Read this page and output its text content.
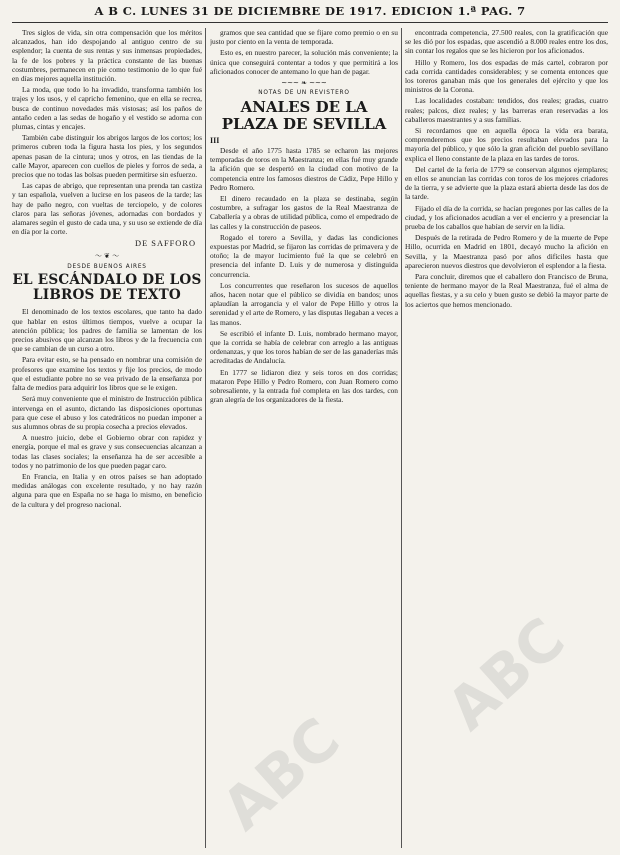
A B C. LUNES 31 DE DICIEMBRE DE 1917. EDICION 1.ª PAG. 7

Tres siglos de vida, sin otra compensación que los méritos alcanzados, han ido despojando al antiguo centro de su esplendor; la cuenta de sus rentas y sus inmensas propiedades, la fe de los pobres y la práctica constante de las buenas costumbres, permanecen en pie como testimonio de lo que fué en días mejores aquella institución.

La moda, que todo lo ha invadido, transforma también los trajes y los usos, y el capricho femenino, que en ella se recrea, busca de continuo novedades más vistosas; así los paños de antaño ceden a las sedas de hogaño y el vestido se adorna con plumas, cintas y encajes.

También cabe distinguir los abrigos largos de los cortos; los primeros cubren toda la figura hasta los pies, y los segundos apenas pasan de la cintura; unos y otros, en las tiendas de la calle Mayor, aparecen con cuellos de pieles y forros de seda, a precios que no todas las bolsas pueden permitirse sin esfuerzo.

Las capas de abrigo, que representan una prenda tan castiza y tan española, vuelven a lucirse en los paseos de la tarde; las hay de paño negro, con vueltas de terciopelo, y de colores claros para las señoras jóvenes, adornadas con bordados y alamares según el gusto de cada una, y su uso se extiende de día en día por la corte.

DE SAFFORO
～ ❦ ～
DESDE BUENOS AIRES
EL ESCÁNDALO DE LOS LIBROS DE TEXTO

El denominado de los textos escolares, que tanto ha dado que hablar en estos últimos tiempos, vuelve a ocupar la atención pública; los padres de familia se lamentan de los precios abusivos que alcanzan los libros y de la frecuencia con que se cambian de un curso a otro.

Para evitar esto, se ha pensado en nombrar una comisión de profesores que examine los textos y fije los precios, de modo que el estudiante pobre no se vea privado de la enseñanza por falta de medios para adquirir los libros que se le exigen.

Será muy conveniente que el ministro de Instrucción pública intervenga en el asunto, dictando las disposiciones oportunas para que cese el abuso y los catedráticos no puedan imponer a sus alumnos obras de su propia cosecha a precios elevados.

A nuestro juicio, debe el Gobierno obrar con rapidez y energía, porque el mal es grave y sus consecuencias alcanzan a todas las clases sociales; la enseñanza ha de ser accesible a todos y no patrimonio de los que pueden pagar caro.

En Francia, en Italia y en otros países se han adoptado medidas análogas con excelente resultado, y no hay razón alguna para que en España no se haga lo mismo, en beneficio de la cultura y del progreso nacional.

gramos que sea cantidad que se fijare como premio o en su justo por ciento en la venta de temporada.

Esto es, en nuestro parecer, la solución más conveniente; la única que conseguirá contentar a todos y que permitirá a los aficionados conocer de antemano lo que han de pagar.

~~~ ❧ ~~~
NOTAS DE UN REVISTERO
ANALES DE LA PLAZA DE SEVILLA
III

Desde el año 1775 hasta 1785 se echaron las mejores temporadas de toros en la Maestranza; en ellas fué muy grande la afición que se despertó en la ciudad con motivo de la competencia entre los famosos diestros de Cádiz, Pepe Hillo y Pedro Romero.

El dinero recaudado en la plaza se destinaba, según costumbre, a sufragar los gastos de la Real Maestranza de Caballería y a obras de utilidad pública, como el empedrado de las calles y la construcción de paseos.

Rogado el torero a Sevilla, y dadas las condiciones expuestas por Madrid, se fijaron las corridas de primavera y de otoño; la de mayor lucimiento fué la que se celebró en presencia del infante D. Luis y de numerosa y distinguida concurrencia.

Los concurrentes que reseñaron los sucesos de aquellos años, hacen notar que el público se dividía en bandos; unos aplaudían la arrogancia y el valor de Pepe Hillo y otros la serenidad y el arte de Romero, y las disputas llegaban a veces a las manos.

Se escribió el infante D. Luis, nombrado hermano mayor, que la corrida se había de celebrar con arreglo a las antiguas ordenanzas, y que los toros habían de ser de las ganaderías más acreditadas de Andalucía.

En 1777 se lidiaron diez y seis toros en dos corridas; mataron Pepe Hillo y Pedro Romero, con Juan Romero como sobresaliente, y la entrada fué completa en las dos tardes, con gran alegría de los organizadores de la fiesta.

encontrada competencia, 27.500 reales, con la gratificación que se les dió por los espadas, que ascendió a 8.000 reales entre los dos, sin contar los regalos que se les hicieron por los aficionados.

Hillo y Romero, los dos espadas de más cartel, cobraron por cada corrida cantidades considerables; y se comenta entonces que los toreros ganaban más que los generales del ejército y que los ministros de la Corona.

Las localidades costaban: tendidos, dos reales; gradas, cuatro reales; palcos, diez reales; y las barreras eran reservadas a los caballeros maestrantes y a sus familias.

Si recordamos que en aquella época la vida era barata, comprenderemos que los precios resultaban elevados para la mayoría del público, y que sólo la gran afición del pueblo sevillano explica el lleno constante de la plaza en las tardes de toros.

Del cartel de la feria de 1779 se conservan algunos ejemplares; en ellos se anuncian las corridas con toros de los mejores criadores de la tierra, y se advierte que la plaza estará abierta desde las dos de la tarde.

Fijado el día de la corrida, se hacían pregones por las calles de la ciudad, y los aficionados acudían a ver el encierro y a presenciar la prueba de los caballos que habían de servir en la lidia.

Después de la retirada de Pedro Romero y de la muerte de Pepe Hillo, ocurrida en Madrid en 1801, decayó mucho la afición en Sevilla, y la Maestranza pasó por años difíciles hasta que aparecieron nuevos diestros que devolvieron el esplendor a la fiesta.

Para concluir, diremos que el caballero don Francisco de Bruna, teniente de hermano mayor de la Real Maestranza, fué el alma de aquellas fiestas, y a su celo y buen gusto se debió la mayor parte de los aciertos que hemos mencionado.

ABC
ABC
